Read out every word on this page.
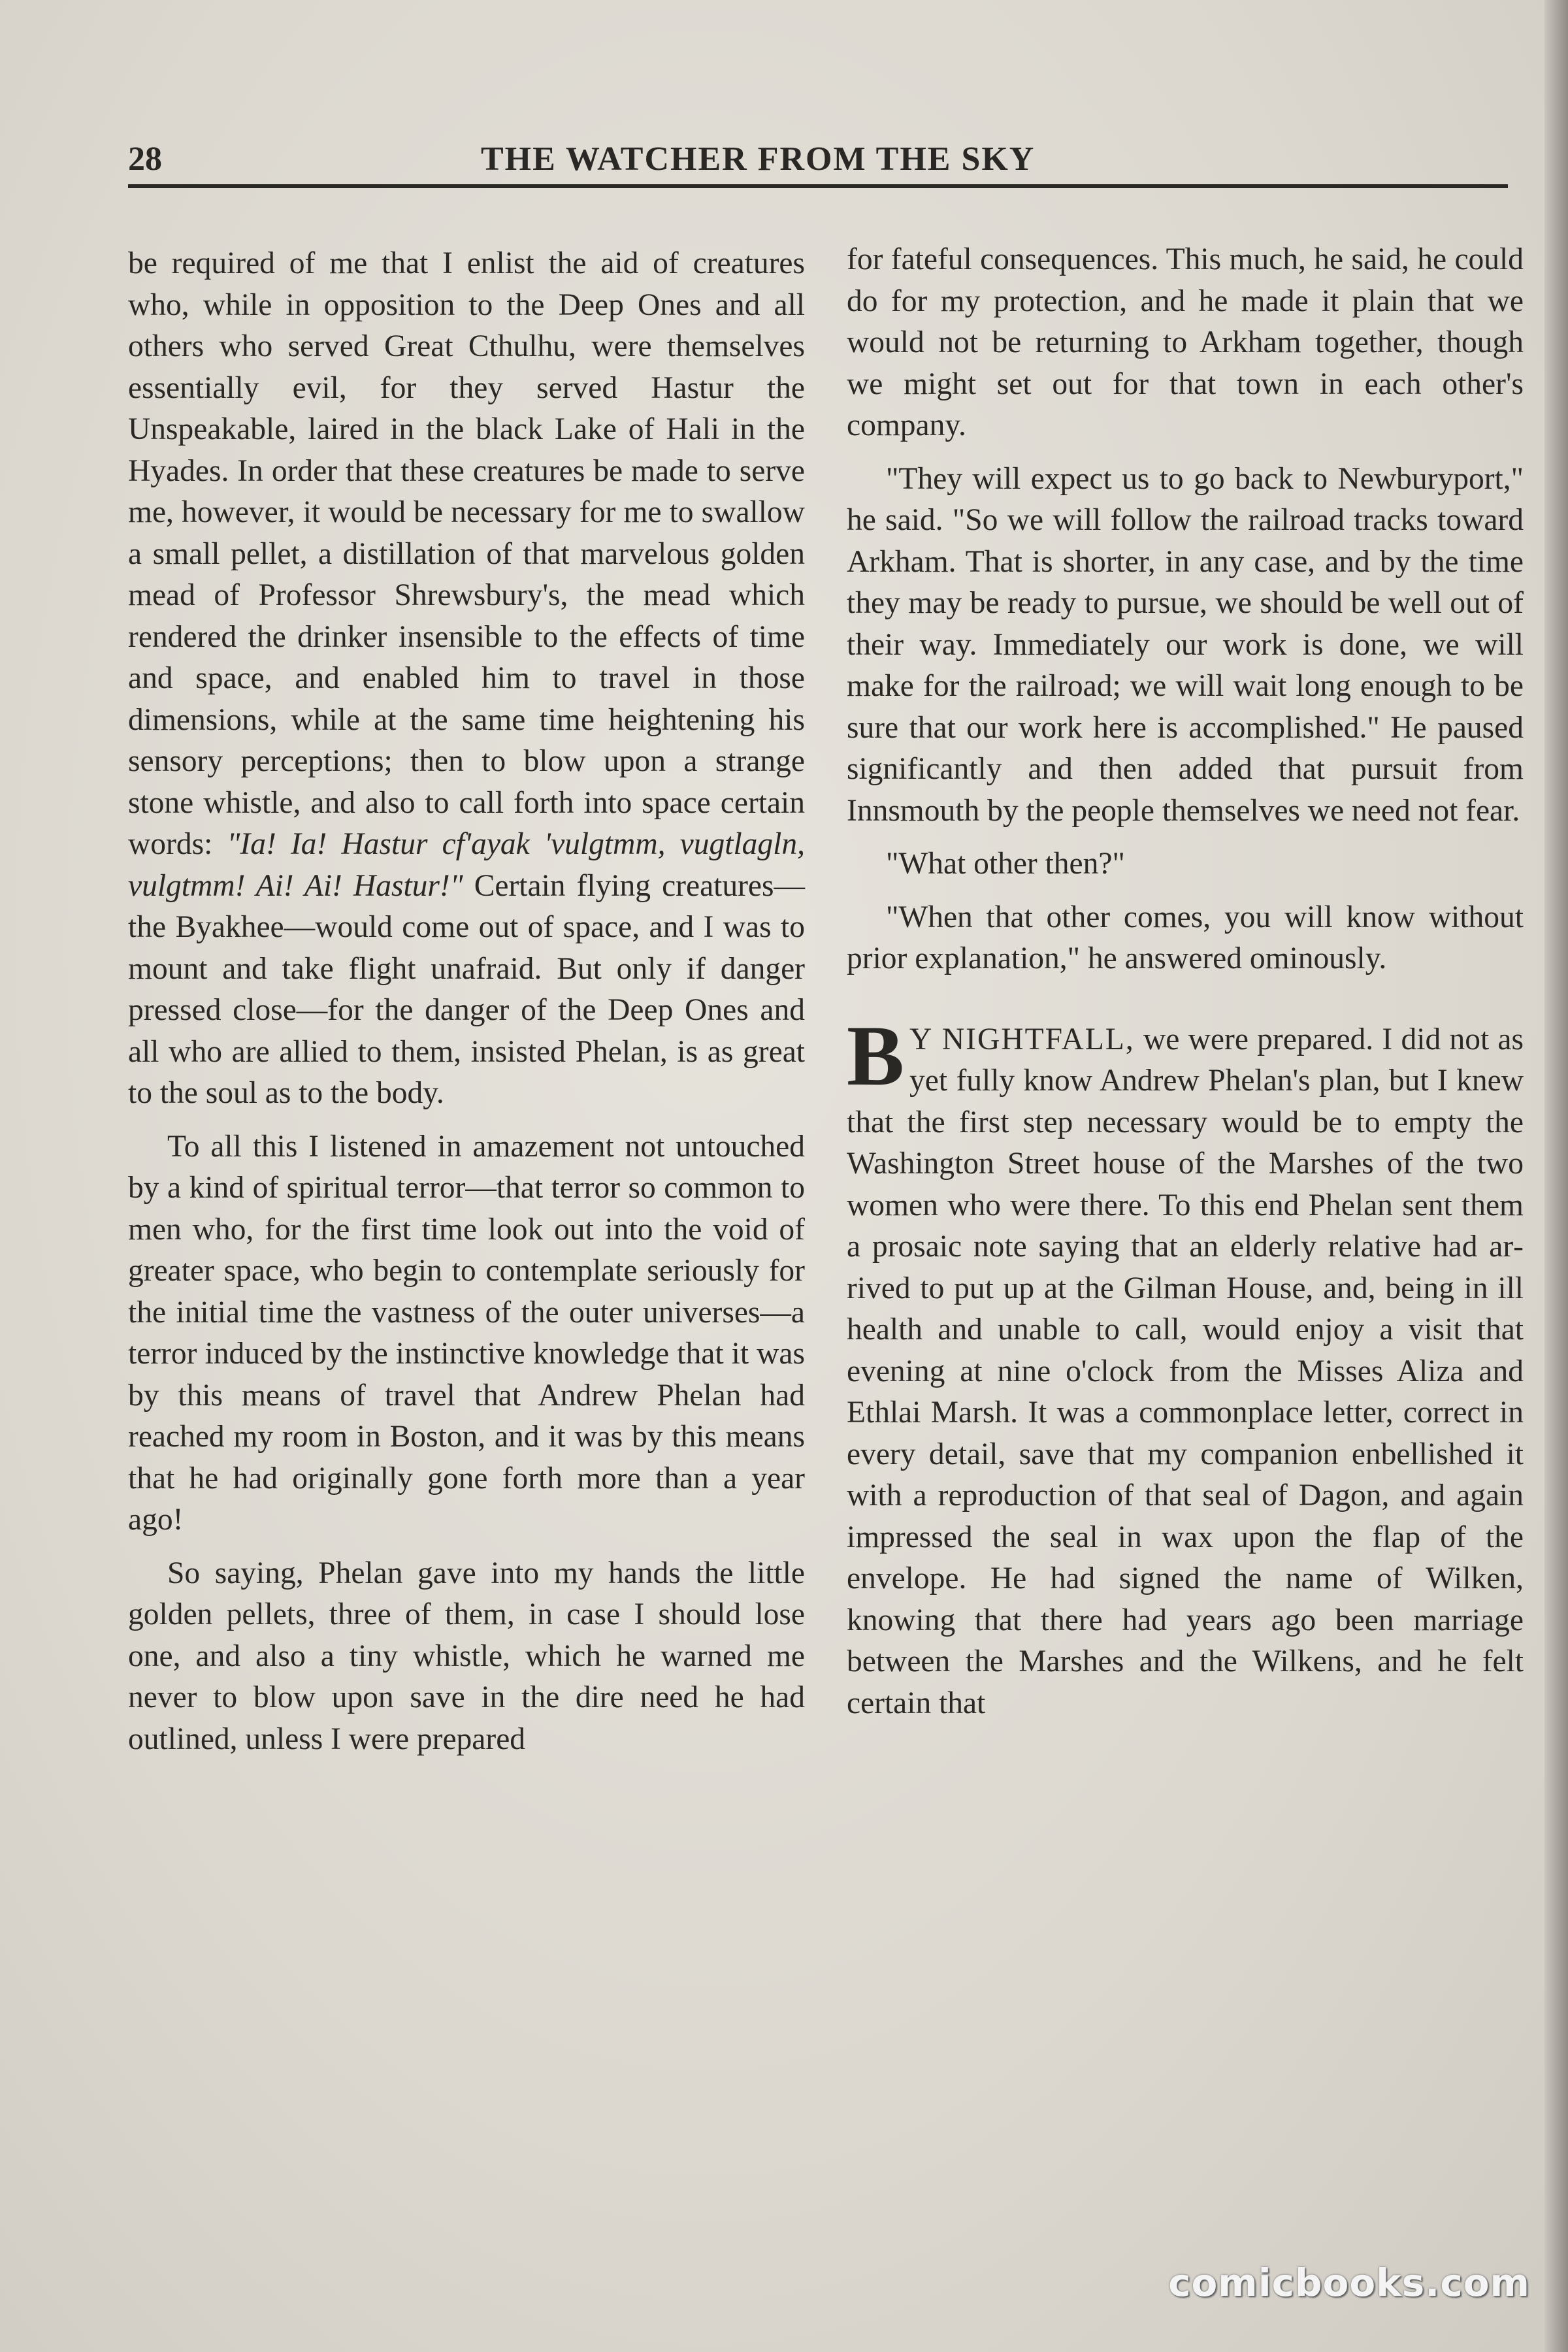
28	THE WATCHER FROM THE SKY

be required of me that I enlist the aid of creatures who, while in opposition to the Deep Ones and all others who served Great Cthulhu, were themselves essentially evil, for they served Hastur the Unspeakable, laired in the black Lake of Hali in the Hyades. In order that these creatures be made to serve me, however, it would be necessary for me to swallow a small pellet, a distillation of that marvelous golden mead of Professor Shrewsbury's, the mead which rendered the drinker insensible to the effects of time and space, and enabled him to travel in those dimensions, while at the same time heightening his sensory perceptions; then to blow upon a strange stone whistle, and also to call forth into space certain words: "Ia! Ia! Hastur cf'ayak 'vulgtmm, vugtlagln, vulgtmm! Ai! Ai! Hastur!" Certain flying creatures—the Byakhee—would come out of space, and I was to mount and take flight unafraid. But only if danger pressed close—for the danger of the Deep Ones and all who are allied to them, insisted Phelan, is as great to the soul as to the body.

To all this I listened in amazement not untouched by a kind of spiritual terror—that terror so common to men who, for the first time look out into the void of greater space, who begin to contemplate seriously for the initial time the vastness of the outer universes—a terror induced by the instinctive knowledge that it was by this means of travel that Andrew Phelan had reached my room in Boston, and it was by this means that he had originally gone forth more than a year ago!

So saying, Phelan gave into my hands the little golden pellets, three of them, in case I should lose one, and also a tiny whistle, which he warned me never to blow upon save in the dire need he had outlined, unless I were prepared

for fateful consequences. This much, he said, he could do for my protection, and he made it plain that we would not be returning to Arkham together, though we might set out for that town in each other's company.

"They will expect us to go back to Newburyport," he said. "So we will follow the railroad tracks toward Arkham. That is shorter, in any case, and by the time they may be ready to pursue, we should be well out of their way. Immediately our work is done, we will make for the railroad; we will wait long enough to be sure that our work here is accomplished." He paused significantly and then added that pursuit from Innsmouth by the people themselves we need not fear.

"What other then?"

"When that other comes, you will know without prior explanation," he answered ominously.

B Y NIGHTFALL, we were prepared. I did not as yet fully know Andrew Phelan's plan, but I knew that the first step necessary would be to empty the Washington Street house of the Marshes of the two women who were there. To this end Phelan sent them a prosaic note saying that an elderly relative had arrived to put up at the Gilman House, and, being in ill health and unable to call, would enjoy a visit that evening at nine o'clock from the Misses Aliza and Ethlai Marsh. It was a commonplace letter, correct in every detail, save that my companion enbellished it with a reproduction of that seal of Dagon, and again impressed the seal in wax upon the flap of the envelope. He had signed the name of Wilken, knowing that there had years ago been marriage between the Marshes and the Wilkens, and he felt certain that

comicbooks.com
